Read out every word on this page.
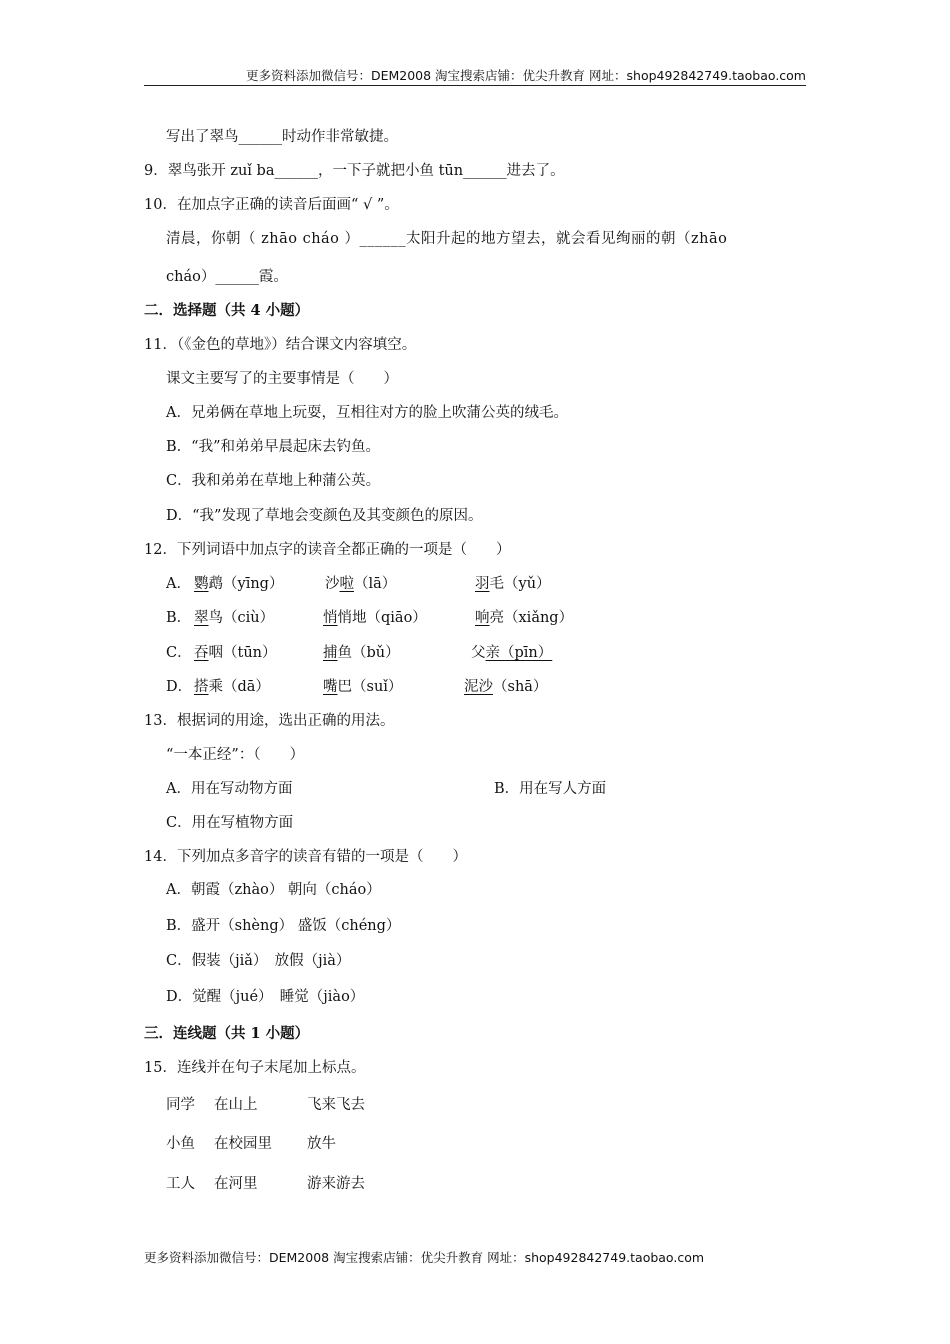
更多资料添加微信号：DEM2008 淘宝搜索店铺：优尖升教育 网址：shop492842749.taobao.com
写出了翠鸟______时动作非常敏捷。
9．翠鸟张开 zuǐ ba______，一下子就把小鱼 tūn______进去了。
10．在加点字正确的读音后面画“ √ ”。
清晨，你朝（ zhāo cháo ）______太阳升起的地方望去，就会看见绚丽的朝（zhāo
cháo）______霞。
二．选择题（共 4 小题）
11．（《金色的草地》）结合课文内容填空。
课文主要写了的主要事情是（　　）
A．兄弟俩在草地上玩耍，互相往对方的脸上吹蒲公英的绒毛。
B．“我”和弟弟早晨起床去钓鱼。
C．我和弟弟在草地上种蒲公英。
D．“我”发现了草地会变颜色及其变颜色的原因。
12．下列词语中加点字的读音全都正确的一项是（　　）
A． 鹦鹉（yīng）	沙啦（lā）	羽毛（yǔ）
B． 翠鸟（ciù）	悄悄地（qiāo）	响亮（xiǎng）
C． 吞咽（tūn）	捕鱼（bǔ）	父亲（pīn）
D． 搭乘（dā）	嘴巴（suǐ）	泥沙（shā）
13．根据词的用途，选出正确的用法。
“一本正经”：（　　）
A．用在写动物方面	B．用在写人方面
C．用在写植物方面
14．下列加点多音字的读音有错的一项是（　　）
A．朝霞（zhào） 朝向（cháo）
B．盛开（shèng） 盛饭（chéng）
C．假装（jiǎ）　放假（jià）
D．觉醒（jué）　睡觉（jiào）
三．连线题（共 1 小题）
15．连线并在句子末尾加上标点。
同学 在山上	飞来飞去
小鱼 在校园里 放牛
工人 在河里	游来游去
更多资料添加微信号：DEM2008 淘宝搜索店铺：优尖升教育 网址：shop492842749.taobao.com
